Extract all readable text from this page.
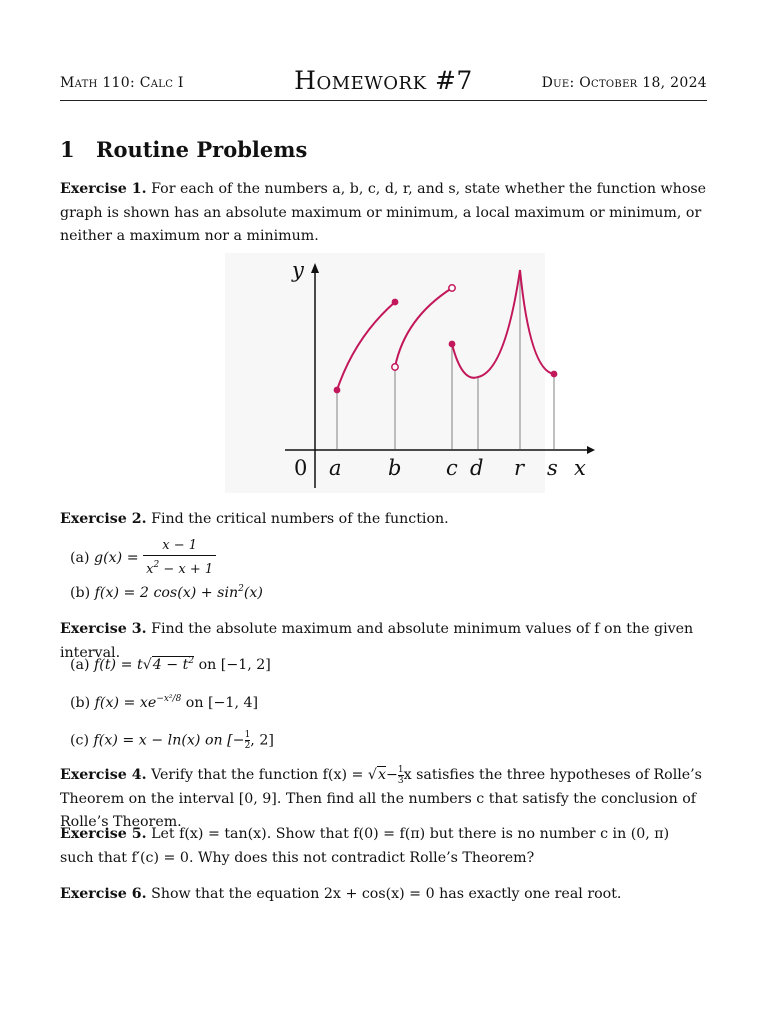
Math 110: Calc I	Homework #7	Due: October 18, 2024
1 Routine Problems
Exercise 1. For each of the numbers a, b, c, d, r, and s, state whether the function whose graph is shown has an absolute maximum or minimum, a local maximum or minimum, or neither a maximum nor a minimum.
y
x
a b c d r s
0
Exercise 2. Find the critical numbers of the function.
(a) $g(x) = \frac{x - 1}{x^2 - x + 1}$
(b) f(x) = 2 $\cos(x) + \sin^2(x)$
Exercise 3. Find the absolute maximum and absolute minimum values of f on the given interval.
(a) $f(t) = t√4 - t^2$ on [−1, 2]
(b) $f(x) = xe^{-x^2/8}$ on [−1, 4]
(c) f(x) = x − ln(x) on [− $\frac{1}{2}$ , 2]
Exercise 4. Verify that the function $f(x) = √x- \frac{1}{3}$ x satisfies the three hypotheses of Rolle’s Theorem on the interval [0, 9]. Then find all the numbers c that satisfy the conclusion of Rolle’s Theorem.
Exercise 5. Let f(x) = tan(x). Show that f(0) = f(π) but there is no number c in (0, π) such that f′(c) = 0. Why does this not contradict Rolle’s Theorem?
Exercise 6. Show that the equation 2x + cos(x) = 0 has exactly one real root.
